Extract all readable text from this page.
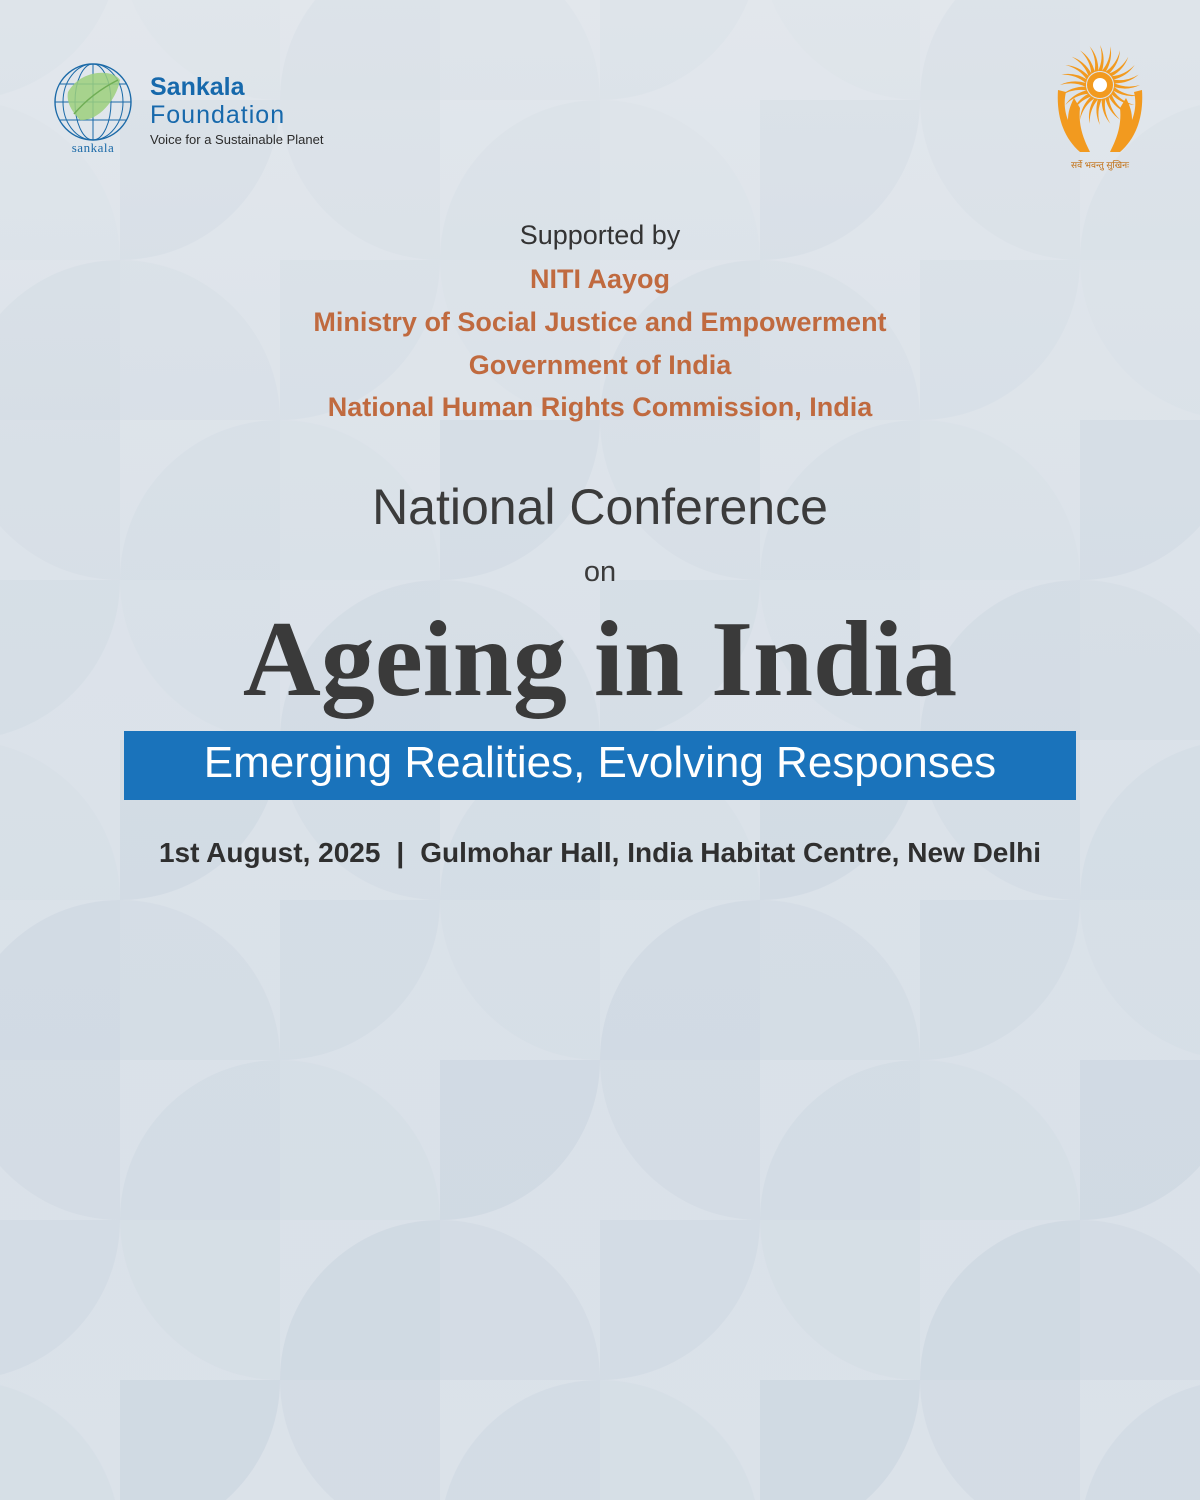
sankala
Sankala
Foundation
Voice for a Sustainable Planet
सर्वे भवन्तु सुखिनः
Supported by
NITI Aayog
Ministry of Social Justice and Empowerment
Government of India
National Human Rights Commission, India
National Conference
on
Ageing in India
Emerging Realities, Evolving Responses
1st August, 2025 | Gulmohar Hall, India Habitat Centre, New Delhi
